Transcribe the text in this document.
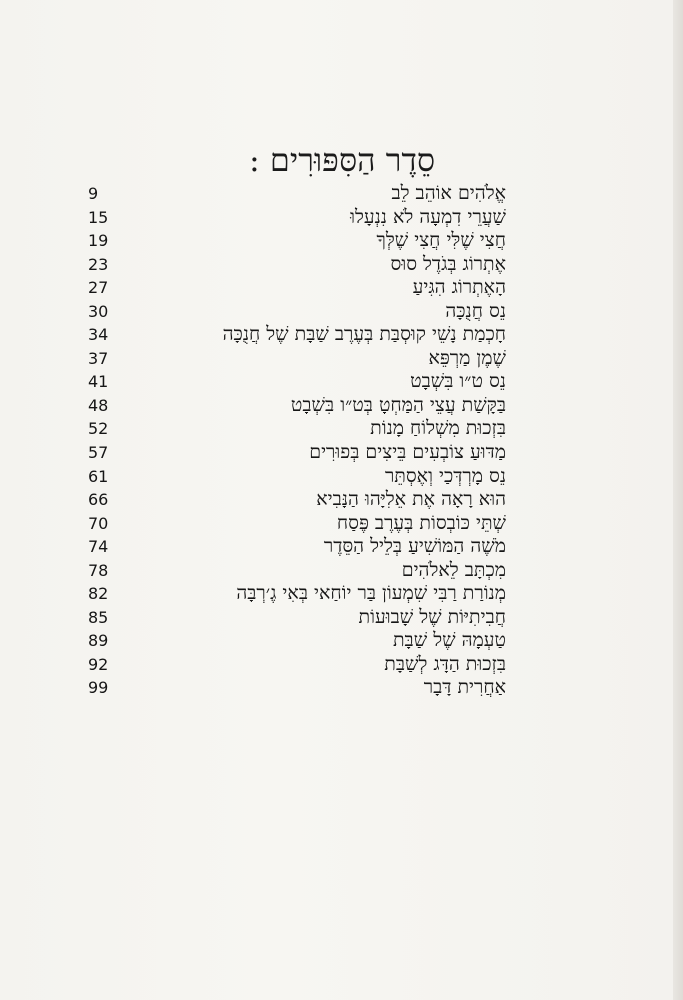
סֵדֶר הַסִּפּוּרִים :
אֱלֹהִים אוֹהֵב לֵב
9
שַׁעֲרֵי דִמְעָה לֹא נִנְעָלוּ
15
חֲצִי שֶׁלִּי חֲצִי שֶׁלְּךָ
19
אֶתְרוֹג בְּגֹדֶל סוּס
23
הָאֶתְרוֹג הִגִּיעַ
27
נֵס חֲנֻכָּה
30
חָכְמַת נָשֵׁי קוּסְבַּת בְּעֶרֶב שַׁבָּת שֶׁל חֲנֻכָּה
34
שֶׁמֶן מַרְפֵּא
37
נֵס ט״ו בִּשְׁבָט
41
בַּקָּשַׁת עֲצֵי הַמַּחְטָ בְּט״ו בִּשְׁבָט
48
בִּזְכוּת מִשְׁלוֹחַ מָנוֹת
52
מַדּוּעַ צוֹבְעִים בֵּיצִים בְּפוּרִים
57
נֵס מָרְדְּכַי וְאֶסְתֵּר
61
הוּא רָאָה אֶת אֵלִיָּהוּ הַנָּבִיא
66
שְׁתֵּי כּוֹבְסוֹת בְּעֶרֶב פֶּסַח
70
מֹשֶׁה הַמּוֹשִׁיעַ בְּלֵיל הַסֵּדֶר
74
מִכְתָּב לֵאלֹהִים
78
מְנוֹרַת רַבִּי שִׁמְעוֹן בַּר יוֹחַאי בְּאִי גֶ׳רְבָּה
82
חֲבִיתִיּוֹת שֶׁל שָׁבוּעוֹת
85
טַעְמָהּ שֶׁל שַׁבָּת
89
בִּזְכוּת הַדָּג לְשַׁבָּת
92
אַחֲרִית דָּבָר
99
